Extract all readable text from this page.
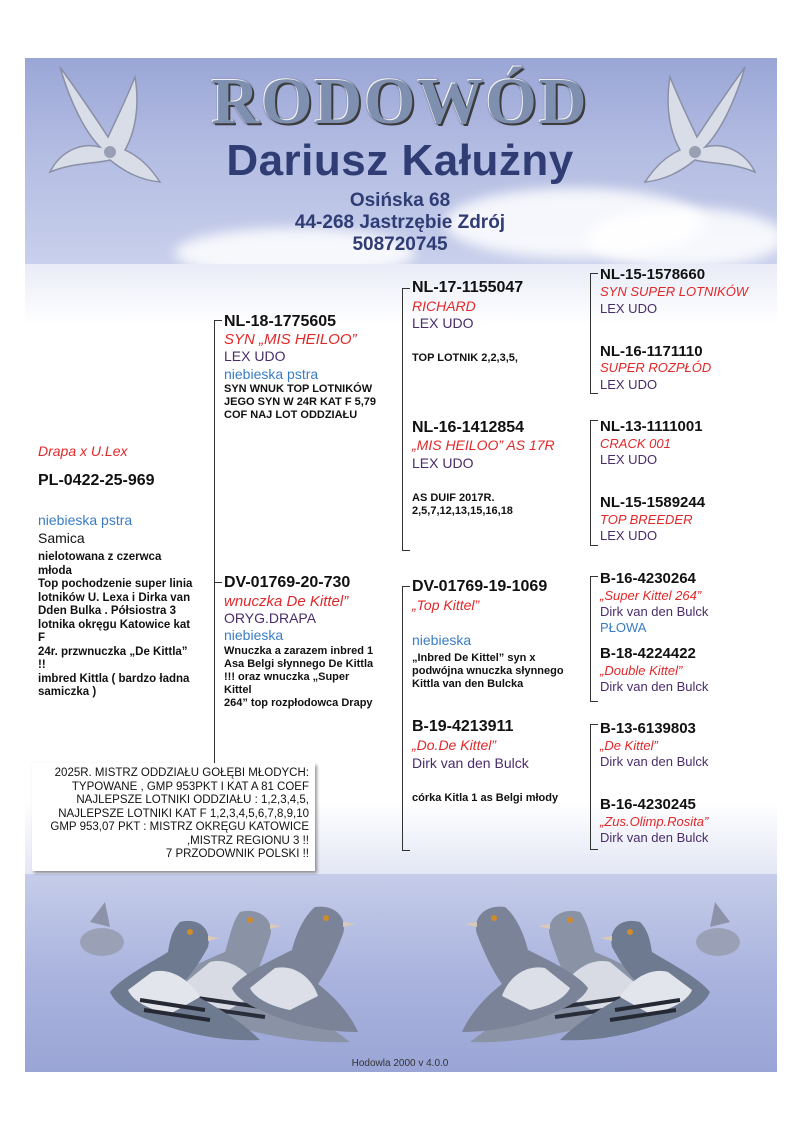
RODOWÓD
Dariusz Kałużny
Osińska 68
44-268 Jastrzębie Zdrój
508720745
Drapa x U.Lex
PL-0422-25-969
niebieska pstra
Samica
nielotowana z czerwca
młoda
Top pochodzenie super linia
lotników U. Lexa i Dirka van
Dden Bulka . Półsiostra 3
lotnika okręgu Katowice kat
F
24r. przwnuczka „De Kittla”
!!
imbred Kittla ( bardzo ładna
samiczka )
NL-18-1775605
SYN „MIS HEILOO”
LEX UDO
niebieska pstra
SYN WNUK TOP LOTNIKÓW
JEGO SYN W 24R KAT F 5,79
COF NAJ LOT ODDZIAŁU
DV-01769-20-730
wnuczka De Kittel”
ORYG.DRAPA
niebieska
Wnuczka a zarazem inbred 1
Asa Belgi słynnego De Kittla
!!! oraz wnuczka „Super
Kittel
264” top rozpłodowca Drapy
NL-17-1155047
RICHARD
LEX UDO
TOP LOTNIK 2,2,3,5,
NL-16-1412854
„MIS HEILOO” AS 17R
LEX UDO
AS DUIF 2017R.
2,5,7,12,13,15,16,18
DV-01769-19-1069
„Top Kittel”
niebieska
„Inbred De Kittel” syn x
podwójna wnuczka słynnego
Kittla van den Bulcka
B-19-4213911
„Do.De Kittel”
Dirk van den Bulck
córka Kitla 1 as Belgi młody
NL-15-1578660
SYN SUPER LOTNIKÓW
LEX UDO
NL-16-1171110
SUPER ROZPŁÓD
LEX UDO
NL-13-1111001
CRACK 001
LEX UDO
NL-15-1589244
TOP BREEDER
LEX UDO
B-16-4230264
„Super Kittel 264”
Dirk van den Bulck
PŁOWA
B-18-4224422
„Double Kittel”
Dirk van den Bulck
B-13-6139803
„De Kittel”
Dirk van den Bulck
B-16-4230245
„Zus.Olimp.Rosita”
Dirk van den Bulck
2025R. MISTRZ ODDZIAŁU GOŁĘBI MŁODYCH:
TYPOWANE , GMP 953PKT I KAT A 81 COEF
NAJLEPSZE LOTNIKI ODDZIAŁU : 1,2,3,4,5,
NAJLEPSZE LOTNIKI KAT F 1,2,3,4,5,6,7,8,9,10
GMP 953,07 PKT : MISTRZ OKRĘGU KATOWICE
,MISTRZ REGIONU 3 !!
7 PRZODOWNIK POLSKI !!
Hodowla 2000 v 4.0.0
